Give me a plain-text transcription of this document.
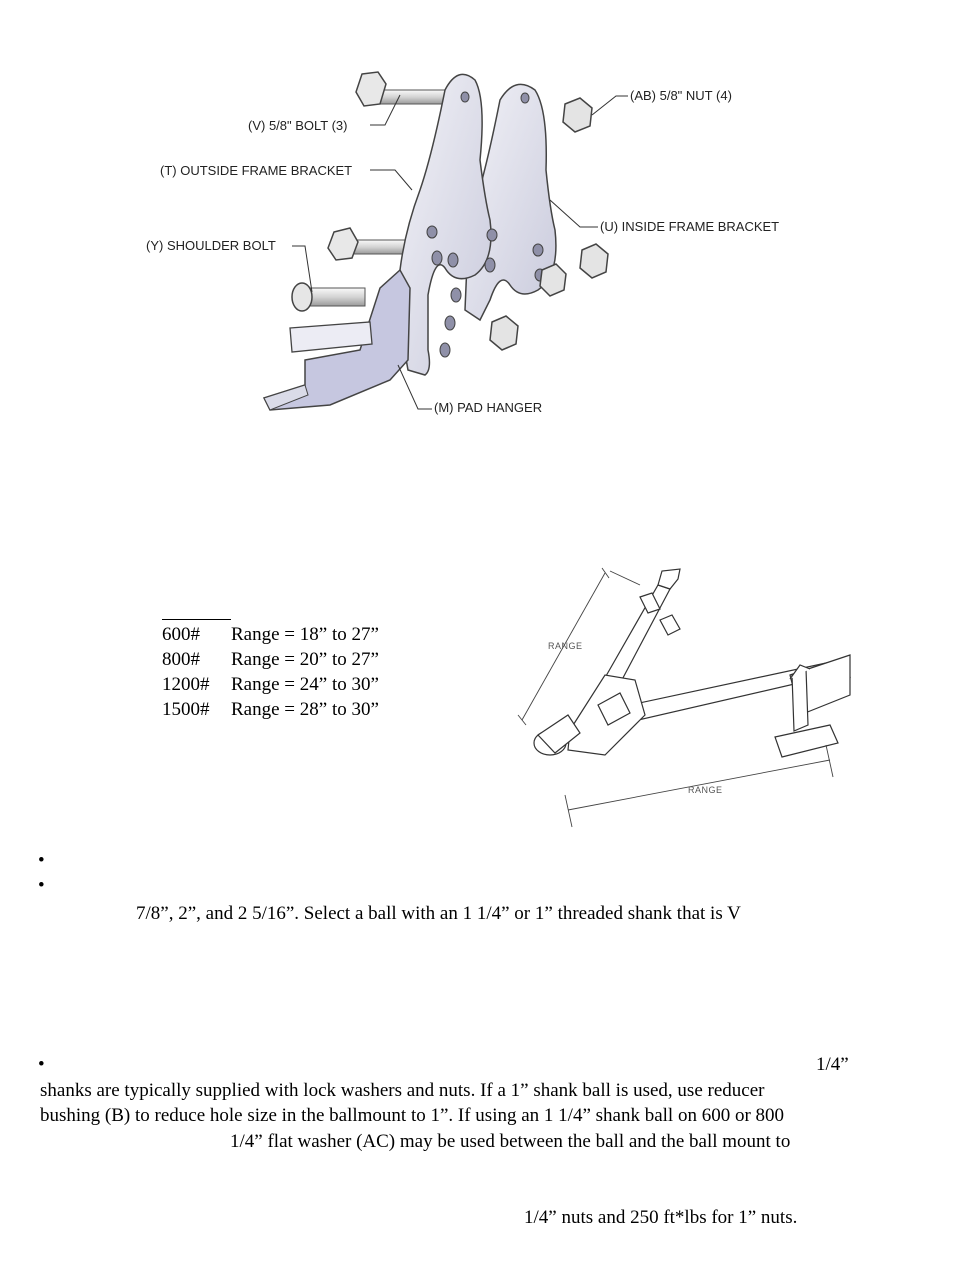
(V) 5/8" BOLT (3)
(T) OUTSIDE FRAME BRACKET
(Y) SHOULDER BOLT
(AB) 5/8" NUT (4)
(U) INSIDE FRAME BRACKET
(M) PAD HANGER
600#	Range = 18” to 27”
800#	Range = 20” to 27”
1200#	Range = 24” to 30”
1500#	Range = 28” to 30”
RANGE
RANGE
•
•
7/8”, 2”, and 2 5/16”. Select a ball with an 1 1/4” or 1” threaded shank that is V
•	1/4”
shanks are typically supplied with lock washers and nuts. If a 1” shank ball is used, use reducer
bushing (B) to reduce hole size in the ballmount to 1”. If using an 1 1/4” shank ball on 600 or 800
1/4” flat washer (AC) may be used between the ball and the ball mount to
1/4” nuts and 250 ft*lbs for 1” nuts.
